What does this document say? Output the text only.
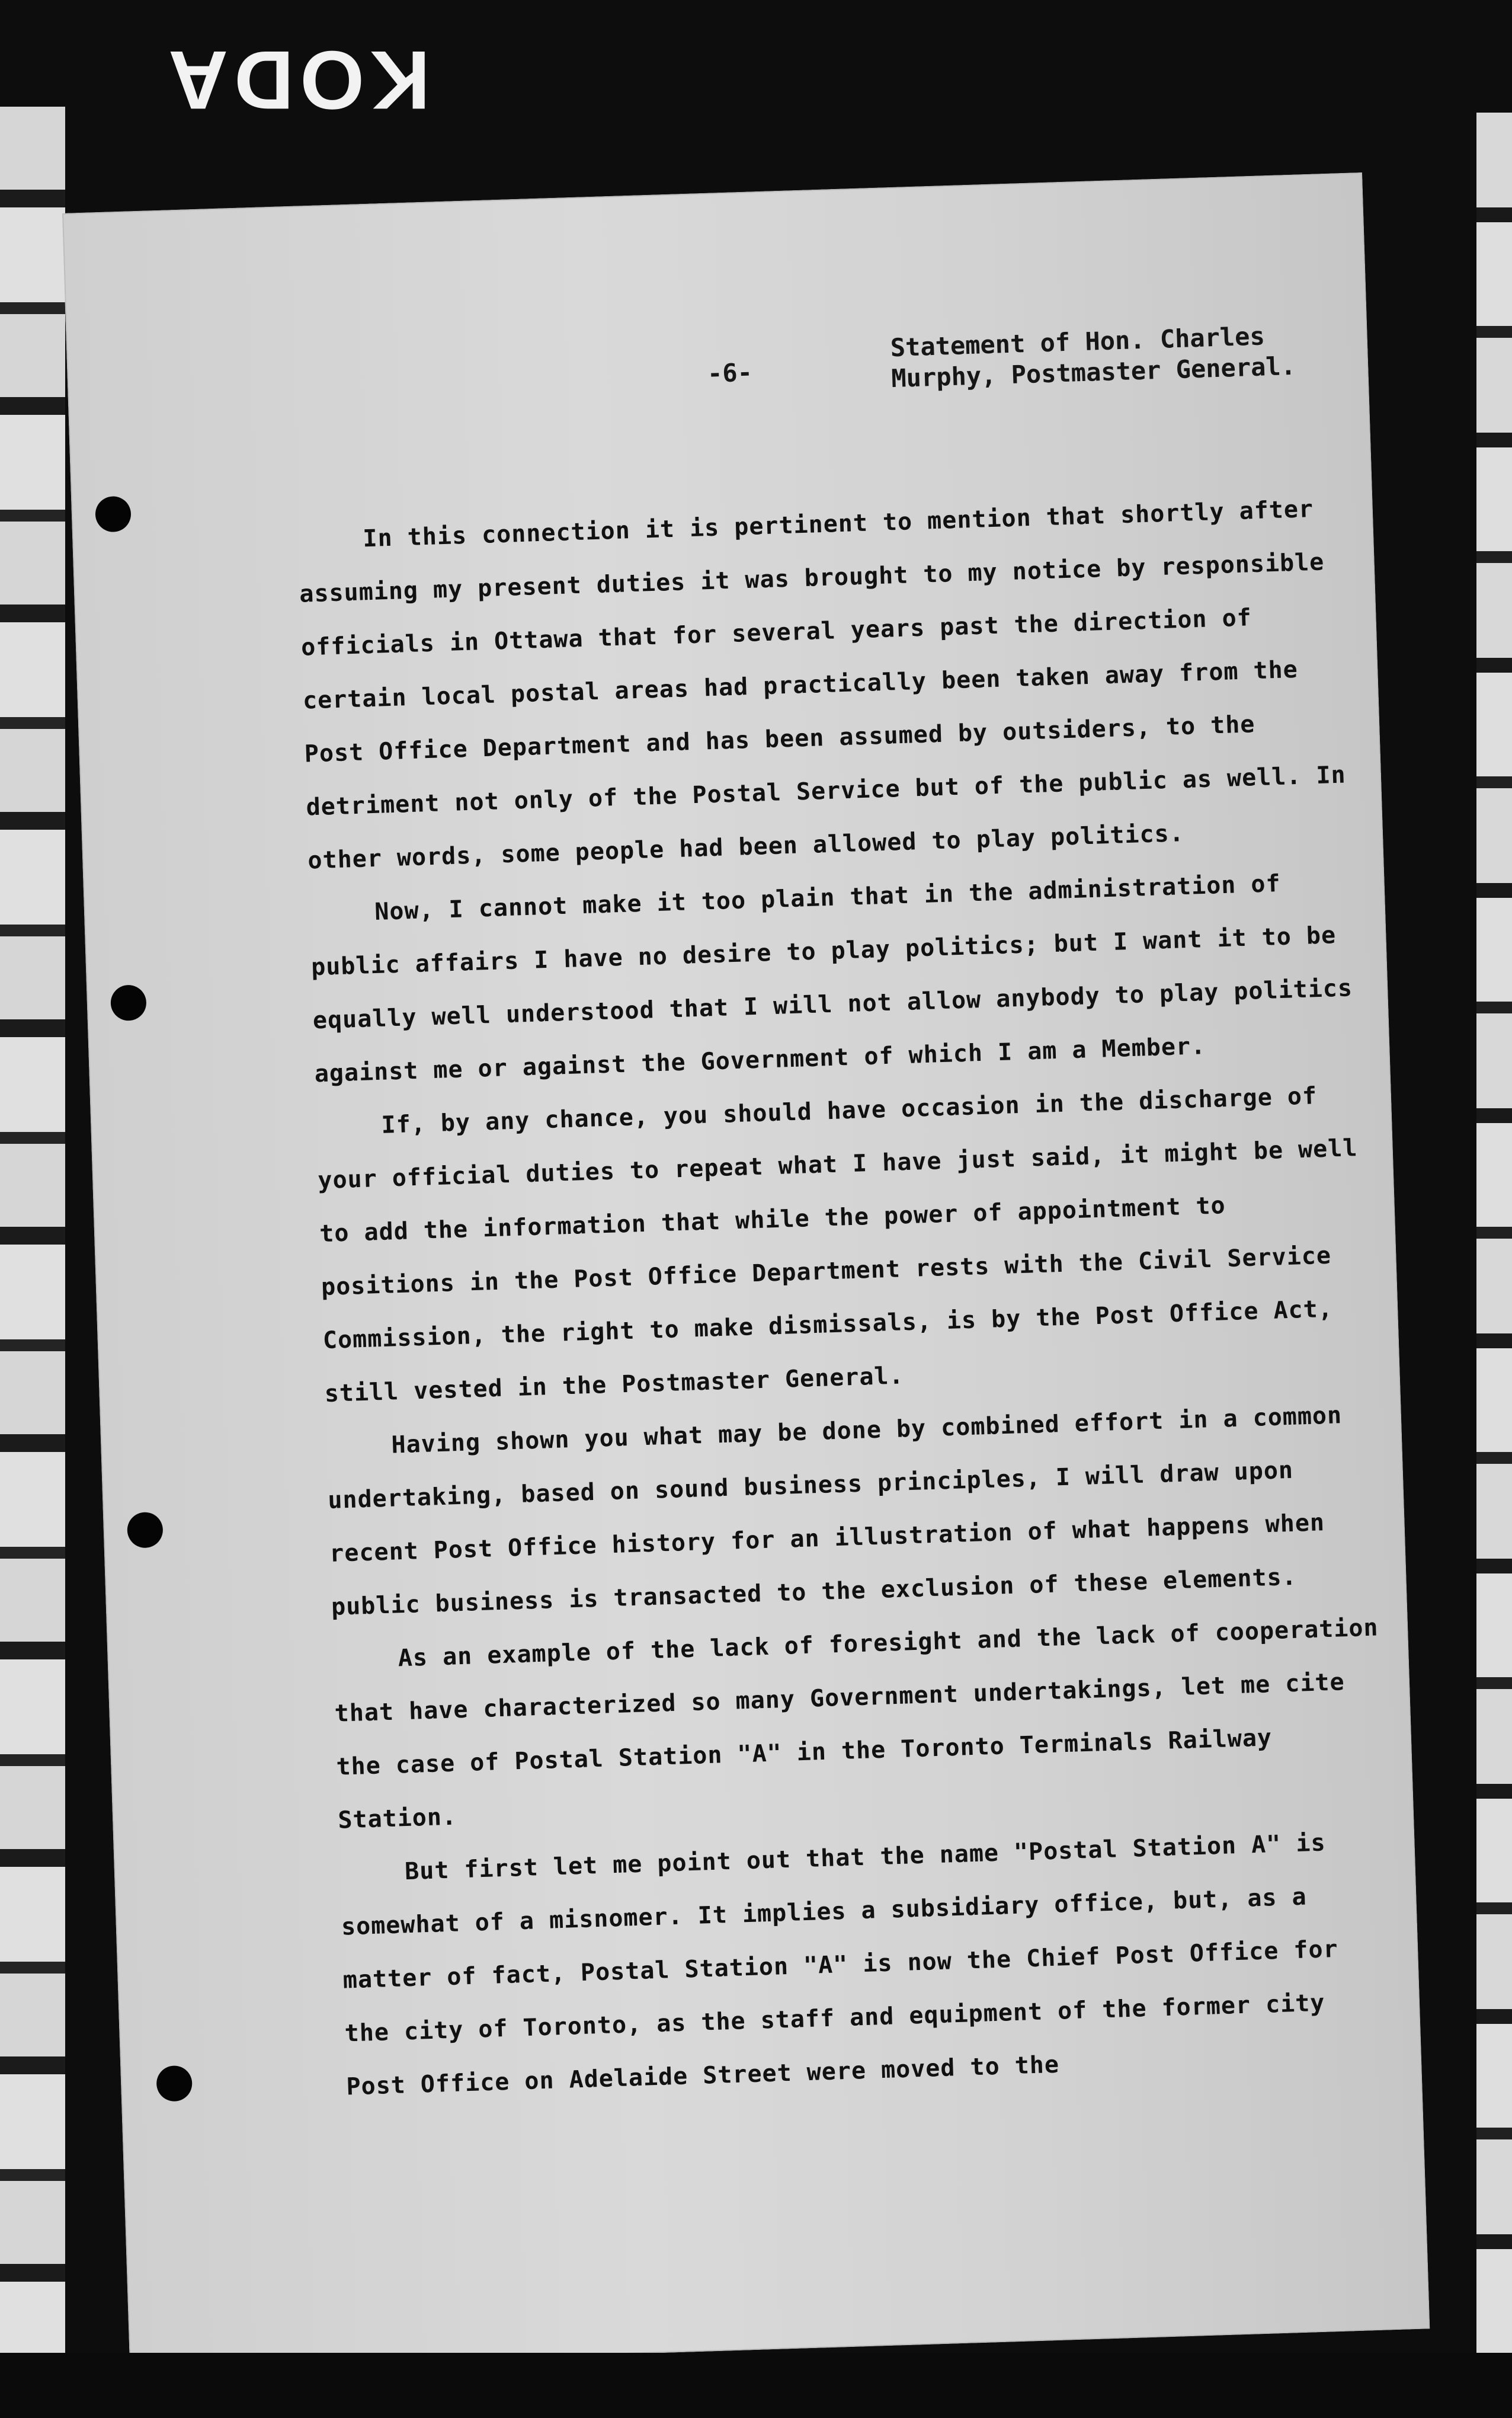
KODA
-6-
Statement of Hon. Charles
Murphy, Postmaster General.

In this connection it is pertinent to mention that shortly after assuming my present duties it was brought to my notice by responsible officials in Ottawa that for several years past the direction of certain local postal areas had practically been taken away from the Post Office Department and has been assumed by outsiders, to the detriment not only of the Postal Service but of the public as well. In other words, some people had been allowed to play politics.

Now, I cannot make it too plain that in the administration of public affairs I have no desire to play politics; but I want it to be equally well understood that I will not allow anybody to play politics against me or against the Government of which I am a Member.

If, by any chance, you should have occasion in the discharge of your official duties to repeat what I have just said, it might be well to add the information that while the power of appointment to positions in the Post Office Department rests with the Civil Service Commission, the right to make dismissals, is by the Post Office Act, still vested in the Postmaster General.

Having shown you what may be done by combined effort in a common undertaking, based on sound business principles, I will draw upon recent Post Office history for an illustration of what happens when public business is transacted to the exclusion of these elements.

As an example of the lack of foresight and the lack of cooperation that have characterized so many Government undertakings, let me cite the case of Postal Station "A" in the Toronto Terminals Railway Station.

But first let me point out that the name "Postal Station A" is somewhat of a misnomer. It implies a subsidiary office, but, as a matter of fact, Postal Station "A" is now the Chief Post Office for the city of Toronto, as the staff and equipment of the former city Post Office on Adelaide Street were moved to the
